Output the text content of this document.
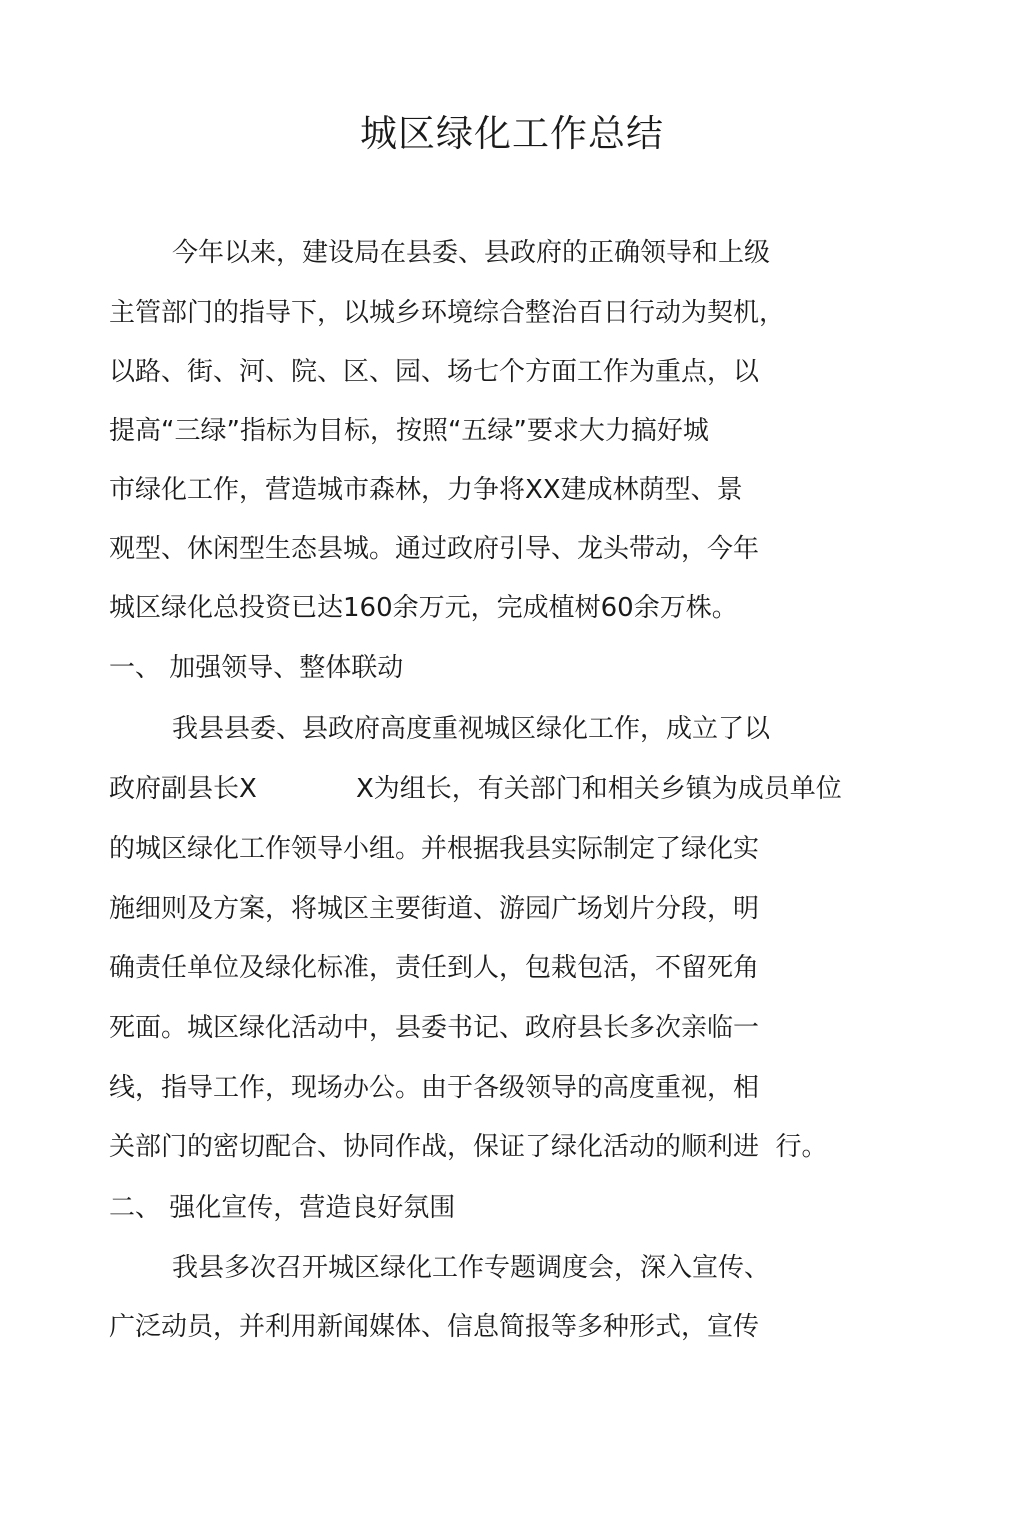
城区绿化工作总结

今年以来，建设局在县委、县政府的正确领导和上级

主管部门的指导下，以城乡环境综合整治百日行动为契机，

以路、街、河、院、区、园、场七个方面工作为重点，以

提高“三绿”指标为目标，按照“五绿”要求大力搞好城

市绿化工作，营造城市森林，力争将XX建成林荫型、景

观型、休闲型生态县城。通过政府引导、龙头带动，今年

城区绿化总投资已达160余万元，完成植树60余万株。

一、 加强领导、整体联动

我县县委、县政府高度重视城区绿化工作，成立了以

政府副县长X            X为组长，有关部门和相关乡镇为成员单位

的城区绿化工作领导小组。并根据我县实际制定了绿化实

施细则及方案，将城区主要街道、游园广场划片分段，明

确责任单位及绿化标准，责任到人，包栽包活，不留死角

死面。城区绿化活动中，县委书记、政府县长多次亲临一

线，指导工作，现场办公。由于各级领导的高度重视，相

关部门的密切配合、协同作战，保证了绿化活动的顺利进  行。

二、 强化宣传，营造良好氛围

我县多次召开城区绿化工作专题调度会，深入宣传、

广泛动员，并利用新闻媒体、信息简报等多种形式，宣传
